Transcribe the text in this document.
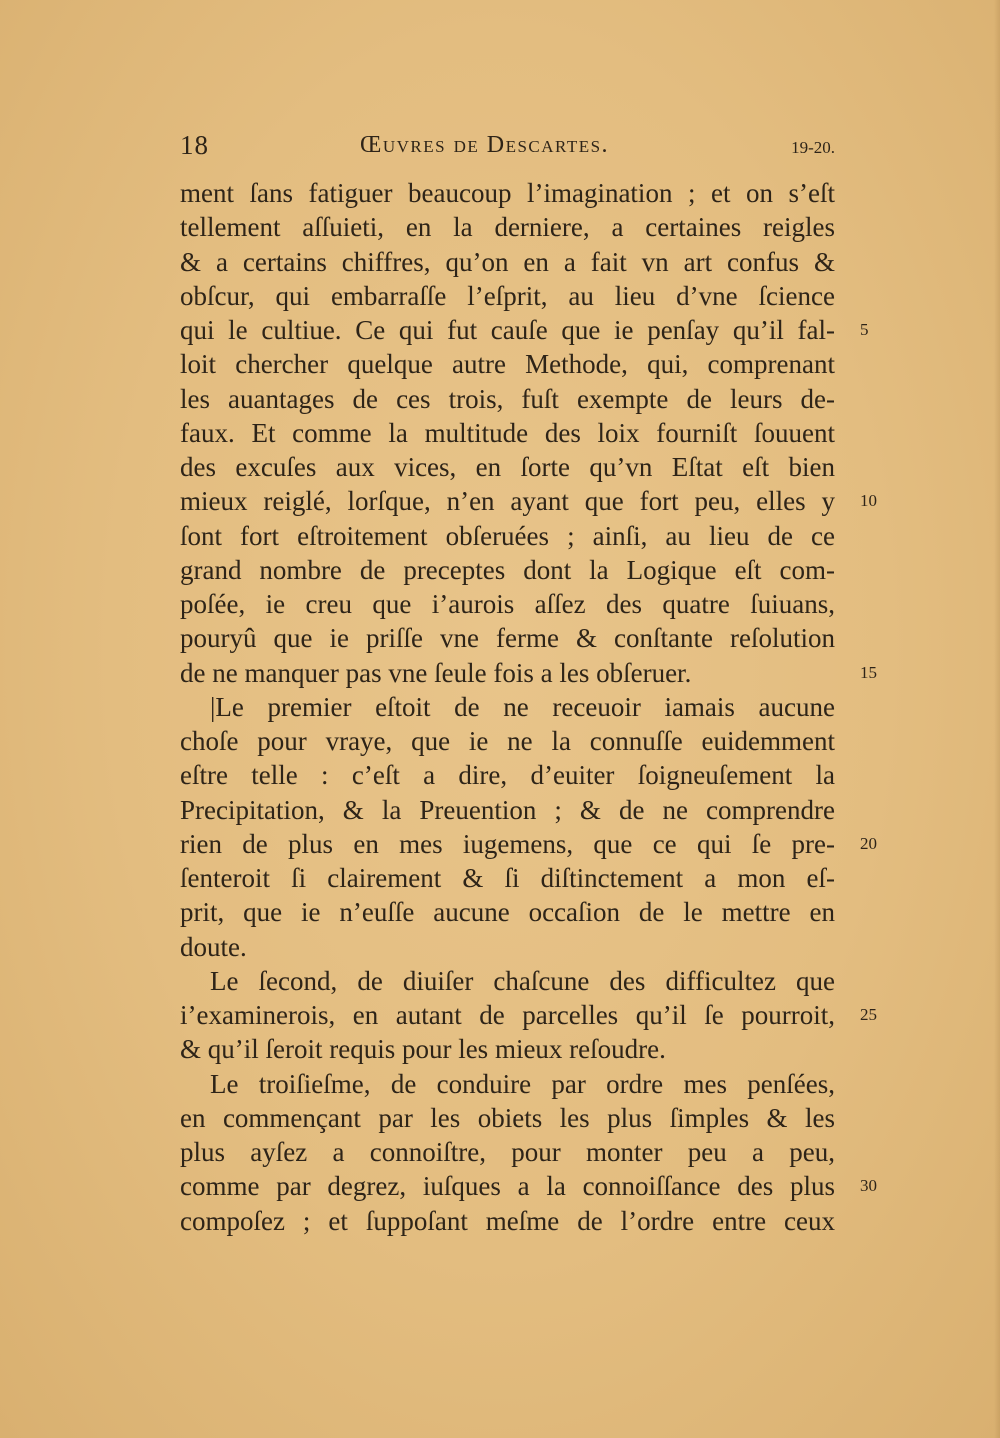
18	Œuvres de Descartes.	19-20.
ment ſans fatiguer beaucoup l’imagination ; et on s’eſt
tellement aſſuieti, en la derniere, a certaines reigles
& a certains chiffres, qu’on en a fait vn art confus &
obſcur, qui embarraſſe l’eſprit, au lieu d’vne ſcience
qui le cultiue. Ce qui fut cauſe que ie penſay qu’il fal- 5
loit chercher quelque autre Methode, qui, comprenant
les auantages de ces trois, fuſt exempte de leurs de-
faux. Et comme la multitude des loix fourniſt ſouuent
des excuſes aux vices, en ſorte qu’vn Eſtat eſt bien
mieux reiglé, lorſque, n’en ayant que fort peu, elles y 10
ſont fort eſtroitement obſeruées ; ainſi, au lieu de ce
grand nombre de preceptes dont la Logique eſt com-
poſée, ie creu que i’aurois aſſez des quatre ſuiuans,
pourуû que ie priſſe vne ferme & conſtante reſolution
de ne manquer pas vne ſeule fois a les obſeruer.	15
|Le premier eſtoit de ne receuoir iamais aucune
choſe pour vraye, que ie ne la connuſſe euidemment
eſtre telle : c’eſt a dire, d’euiter ſoigneuſement la
Precipitation, & la Preuention ; & de ne comprendre
rien de plus en mes iugemens, que ce qui ſe pre- 20
ſenteroit ſi clairement & ſi diſtinctement a mon eſ-
prit, que ie n’euſſe aucune occaſion de le mettre en
doute.
Le ſecond, de diuiſer chaſcune des difficultez que
i’examinerois, en autant de parcelles qu’il ſe pourroit, 25
& qu’il ſeroit requis pour les mieux reſoudre.
Le troiſieſme, de conduire par ordre mes penſées,
en commençant par les obiets les plus ſimples & les
plus ayſez a connoiſtre, pour monter peu a peu,
comme par degrez, iuſques a la connoiſſance des plus 30
compoſez ; et ſuppoſant meſme de l’ordre entre ceux
